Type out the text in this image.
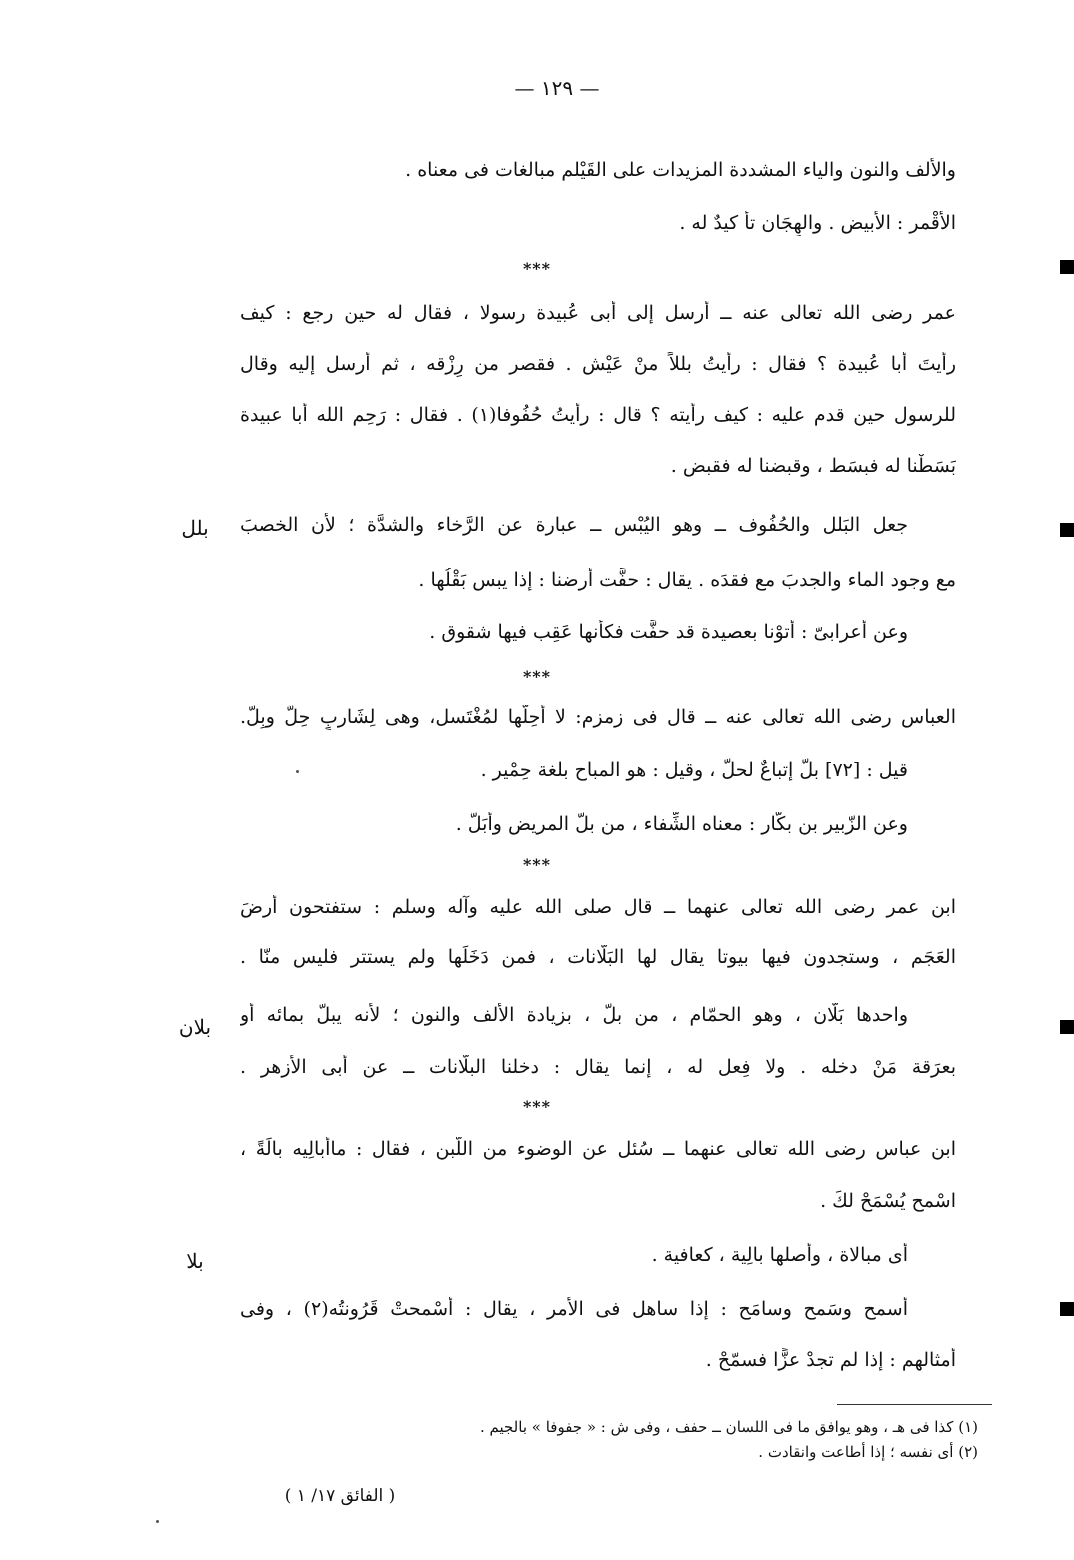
— ١٢٩ —
والألف والنون والياء المشددة المزيدات على القَيْلم مبالغات فى معناه .
الأَقْمر : الأبيض . والهِجَان تأْ كيدٌ له .
***
عمر رضى الله تعالى عنه ــ أرسل إلى أبى عُبيدة رسولا ، فقال له حين رجع : كيف
رأيتَ أبا عُبيدة ؟ فقال : رأيتُ بللاً منْ عَيْش . فقصر من رِزْقه ، ثم أرسل إليه وقال
للرسول حين قدم عليه : كيف رأيته ؟ قال : رأيتُ حُفُوفا(١) . فقال : رَحِم الله أبا عبيدة
بَسَطْنا له فبسَط ، وقبضنا له فقبض .
بلل	جعل البَلل والحُفُوف ــ وهو اليُبْس ــ عبارة عن الرَّخاء والشدَّة ؛ لأن الخصبَ
مع وجود الماء والجدبَ مع فقدَه . يقال : حفَّت أرضنا : إذا يبس بَقْلُها .
وعن أعرابىّ : أتوْنا بعصيدة قد حفَّت فكأنها عَقِب فيها شقوق .
***
العباس رضى الله تعالى عنه ــ قال فى زمزم: لا أُحِلُّها لمُغْتَسل، وهى لِشَاربٍ حِلٌّ وبِلّ.
قيل : [٧٢] بلّ إتباعٌ لحلّ ، وقيل : هو المباح بلغة حِمْير .
وعن الزّبير بن بكّار : معناه الشِّفاء ، من بلّ المريض وأبَلَّ .
***
ابن عمر رضى الله تعالى عنهما ــ قال صلى الله عليه وآله وسلم : ستفتحون أرضَ
العَجَم ، وستجدون فيها بيوتا يقال لها البَلّانات ، فمن دَخَلَها ولم يستتر فليس منّا .
بلان	واحدها بَلّان ، وهو الحمّام ، من بلّ ، بزيادة الألف والنون ؛ لأنه يبلّ بمائه أو
بعرَقة مَنْ دخله . ولا فِعل له ، إنما يقال : دخلنا البلّانات ــ عن أبى الأزهر .
***
ابن عباس رضى الله تعالى عنهما ــ سُئل عن الوضوء من اللّبن ، فقال : ماأبالِيه بالَةً ،
اسْمح يُسْمَحْ لكَ .
بلا	أى مبالاة ، وأصلها بالِية ، كعافية .
أَسمح وسَمح وسامَح : إذا ساهل فى الأمر ، يقال : أسْمحتْ قَرُونتُه(٢) ، وفى
أمثالهم : إذا لم تجدْ عزًّا فسمّحْ .
(١) كذا فى هـ ، وهو يوافق ما فى اللسان ــ حفف ، وفى ش : « جفوفا » بالجيم .
(٢) أى نفسه ؛ إذا أطاعت وانقادت .
( الفائق ١٧/ ١ )
